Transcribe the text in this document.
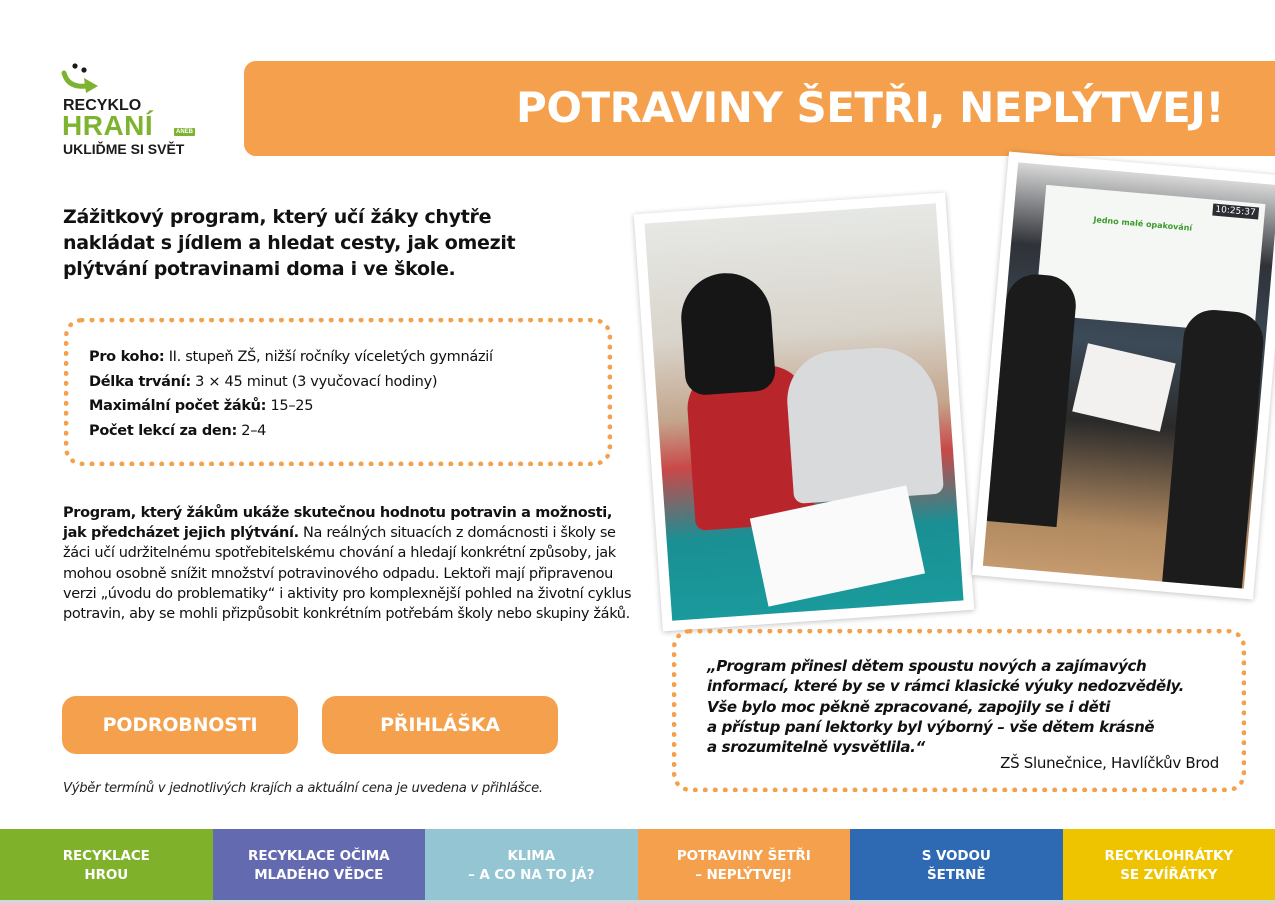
RECYKLO
HRANÍ	ANEB
UKLIĎME SI SVĚT
POTRAVINY ŠETŘI, NEPLÝTVEJ!

Zážitkový program, který učí žáky chytře nakládat s jídlem a hledat cesty, jak omezit plýtvání potravinami doma i ve škole.

Pro koho: II. stupeň ZŠ, nižší ročníky víceletých gymnázií
Délka trvání: 3 × 45 minut (3 vyučovací hodiny)
Maximální počet žáků: 15–25
Počet lekcí za den: 2–4

Program, který žákům ukáže skutečnou hodnotu potravin a možnosti, jak předcházet jejich plýtvání. Na reálných situacích z domácnosti i školy se žáci učí udržitelnému spotřebitelskému chování a hledají konkrétní způsoby, jak mohou osobně snížit množství potravinového odpadu. Lektoři mají připravenou verzi „úvodu do problematiky“ i aktivity pro komplexnější pohled na životní cyklus potravin, aby se mohli přizpůsobit konkrétním potřebám školy nebo skupiny žáků.

PODROBNOSTI	PŘIHLÁŠKA

Výběr termínů v jednotlivých krajích a aktuální cena je uvedena v přihlášce.

10:25:37
Jedno malé opakování

„Program přinesl dětem spoustu nových a zajímavých
informací, které by se v rámci klasické výuky nedozvěděly.
Vše bylo moc pěkně zpracované, zapojily se i děti
a přístup paní lektorky byl výborný – vše dětem krásně
a srozumitelně vysvětlila.“

ZŠ Slunečnice, Havlíčkův Brod

RECYKLACE
HROU
RECYKLACE OČIMA
MLADÉHO VĚDCE
KLIMA
– A CO NA TO JÁ?
POTRAVINY ŠETŘI
– NEPLÝTVEJ!
S VODOU
ŠETRNĚ
RECYKLOHRÁTKY
SE ZVÍŘÁTKY
